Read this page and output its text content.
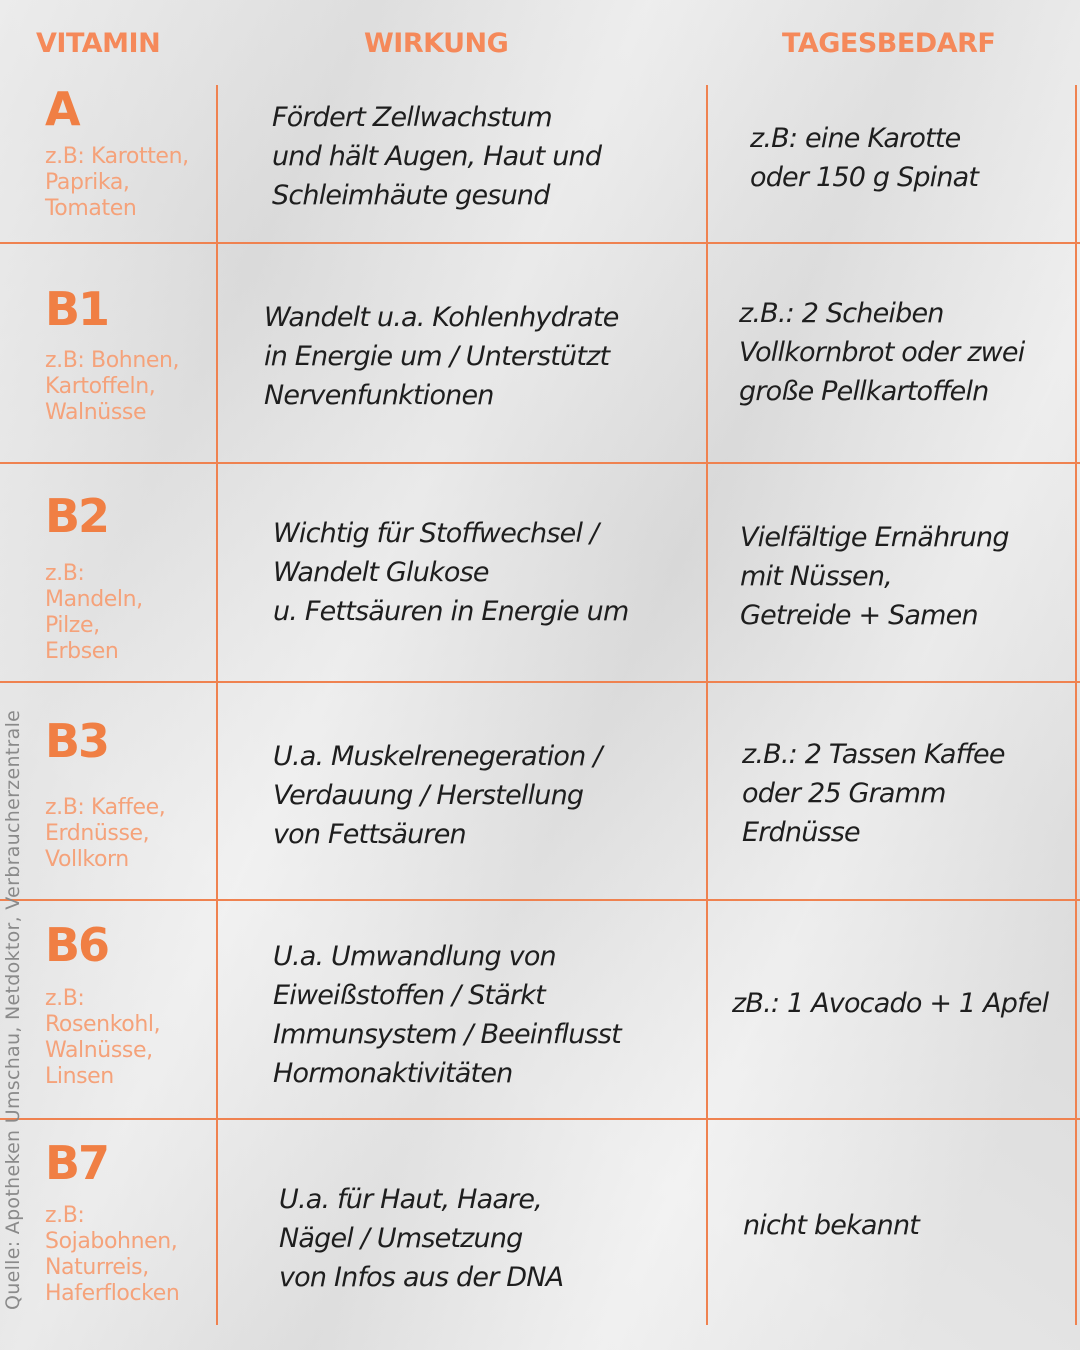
VITAMIN	WIRKUNG	TAGESBEDARF
A
z.B: Karotten,
Paprika,
Tomaten
Fördert Zellwachstum
und hält Augen, Haut und
Schleimhäute gesund
z.B: eine Karotte
oder 150 g Spinat
B1
z.B: Bohnen,
Kartoffeln,
Walnüsse
Wandelt u.a. Kohlenhydrate
in Energie um / Unterstützt
Nervenfunktionen
z.B.: 2 Scheiben
Vollkornbrot oder zwei
große Pellkartoffeln
B2
z.B:
Mandeln,
Pilze,
Erbsen
Wichtig für Stoffwechsel /
Wandelt Glukose
u. Fettsäuren in Energie um
Vielfältige Ernährung
mit Nüssen,
Getreide + Samen
B3
z.B: Kaffee,
Erdnüsse,
Vollkorn
U.a. Muskelrenegeration /
Verdauung / Herstellung
von Fettsäuren
z.B.: 2 Tassen Kaffee
oder 25 Gramm
Erdnüsse
B6
z.B:
Rosenkohl,
Walnüsse,
Linsen
U.a. Umwandlung von
Eiweißstoffen / Stärkt
Immunsystem / Beeinflusst
Hormonaktivitäten
zB.: 1 Avocado + 1 Apfel
B7
z.B:
Sojabohnen,
Naturreis,
Haferflocken
U.a. für Haut, Haare,
Nägel / Umsetzung
von Infos aus der DNA
nicht bekannt
Quelle: Apotheken Umschau, Netdoktor, Verbraucherzentrale
